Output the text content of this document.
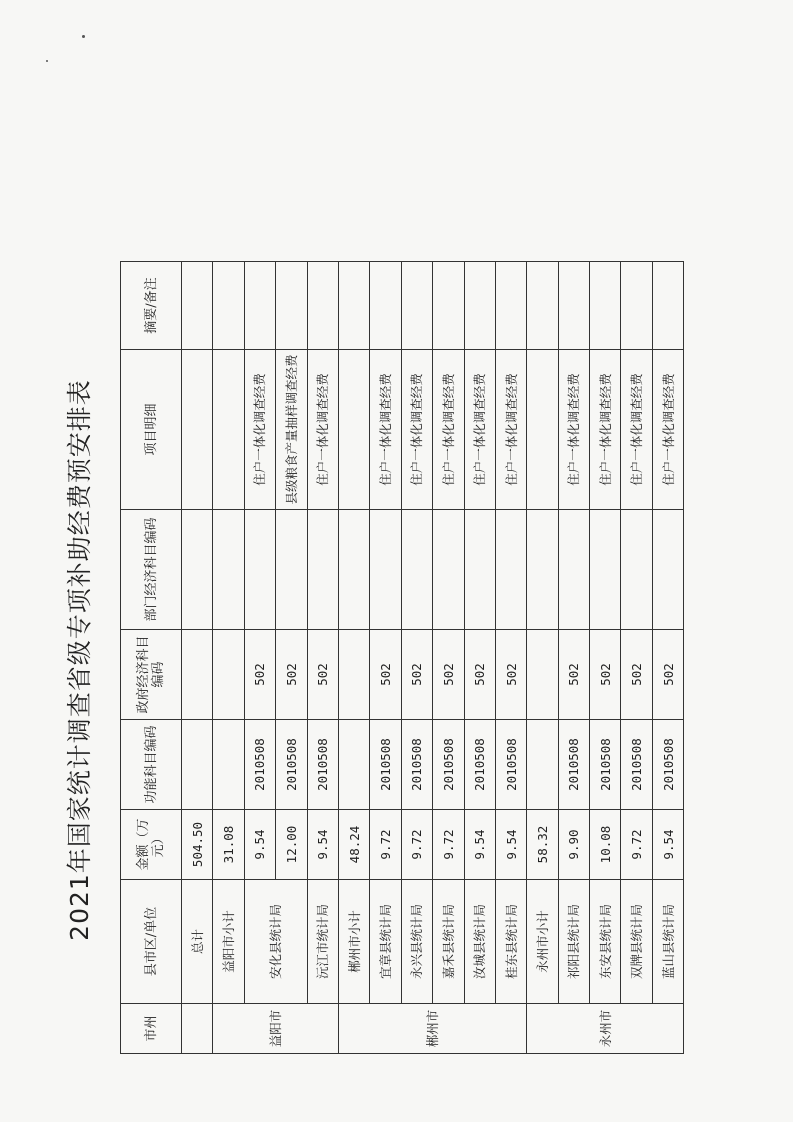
2021年国家统计调查省级专项补助经费预安排表
市州	县市区/单位	金额（万元）	功能科目编码	政府经济科目编码	部门经济科目编码	项目明细	摘要/备注
	总计	504.50					
益阳市	益阳市小计	31.08					
	安化县统计局	9.54	2010508	502		住户一体化调查经费	
		12.00	2010508	502		县级粮食产量抽样调查经费	
	沅江市统计局	9.54	2010508	502		住户一体化调查经费	
郴州市	郴州市小计	48.24					
	宜章县统计局	9.72	2010508	502		住户一体化调查经费	
	永兴县统计局	9.72	2010508	502		住户一体化调查经费	
	嘉禾县统计局	9.72	2010508	502		住户一体化调查经费	
	汝城县统计局	9.54	2010508	502		住户一体化调查经费	
	桂东县统计局	9.54	2010508	502		住户一体化调查经费	
永州市	永州市小计	58.32					
	祁阳县统计局	9.90	2010508	502		住户一体化调查经费	
	东安县统计局	10.08	2010508	502		住户一体化调查经费	
	双牌县统计局	9.72	2010508	502		住户一体化调查经费	
	蓝山县统计局	9.54	2010508	502		住户一体化调查经费	
